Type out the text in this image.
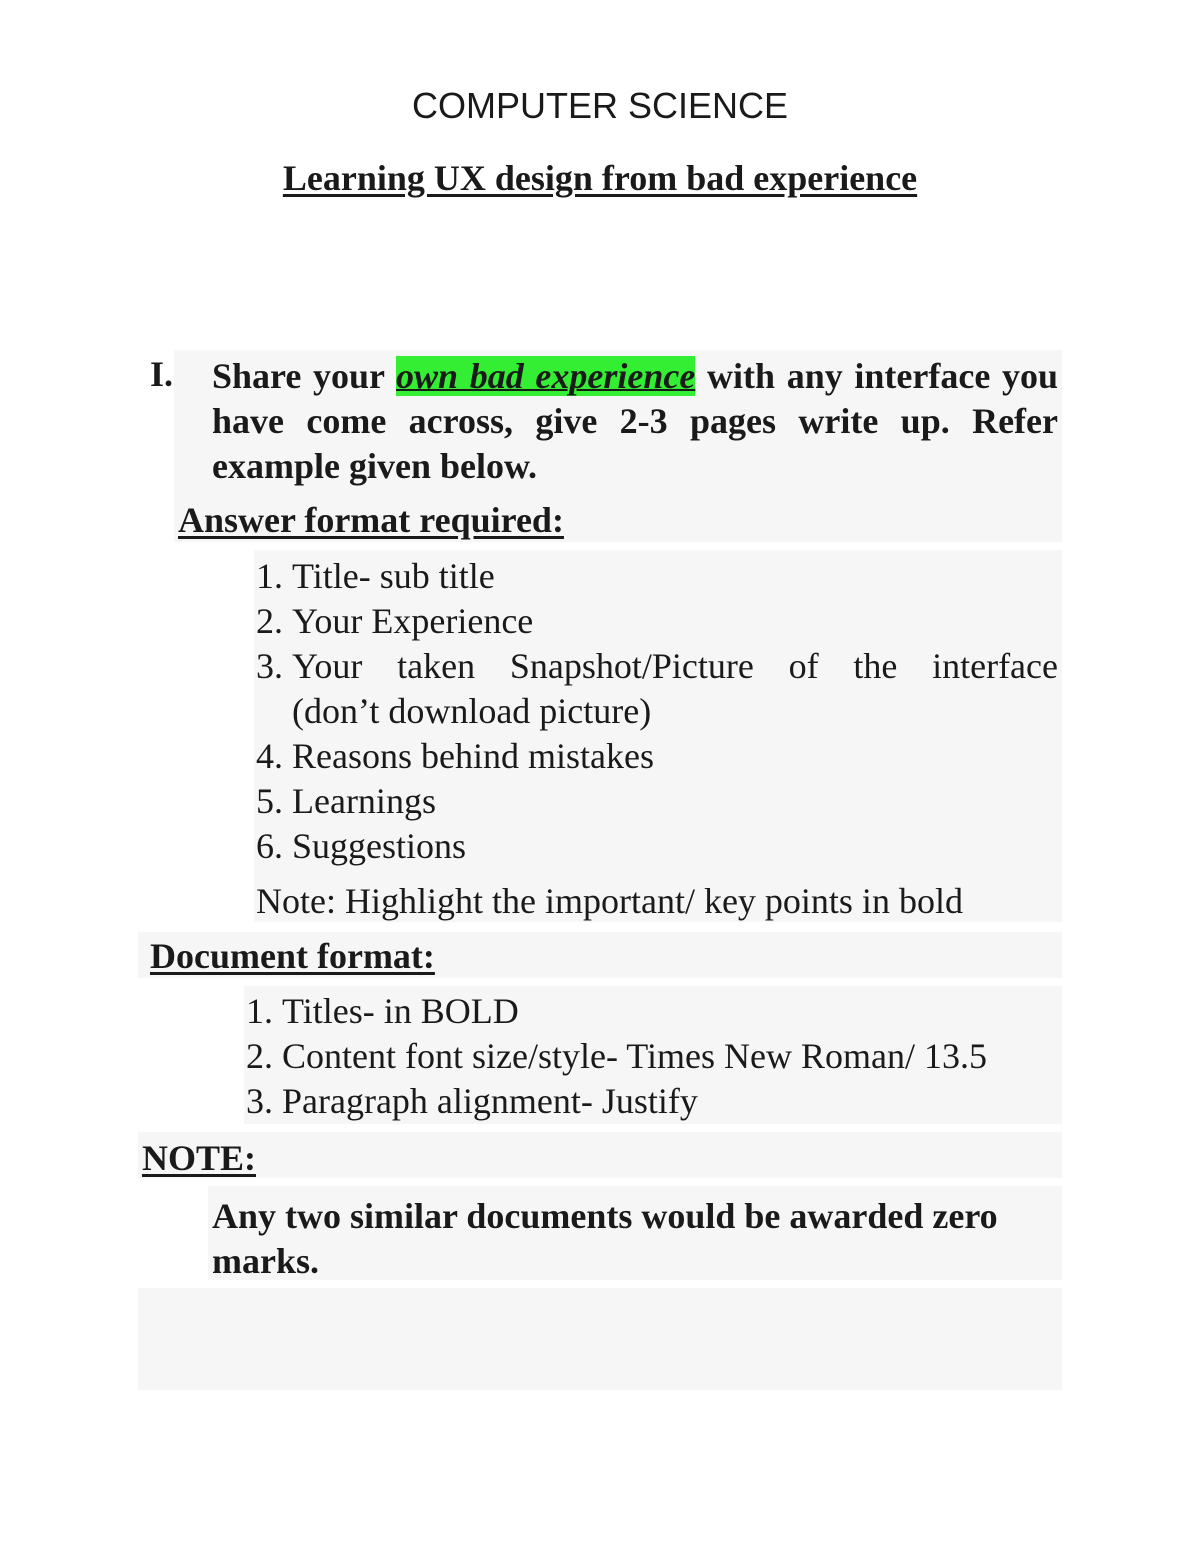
COMPUTER SCIENCE
Learning UX design from bad experience
I. Share your own bad experience with any interface you have come across, give 2-3 pages write up. Refer example given below.
Answer format required:
1. Title- sub title
2. Your Experience
3. Your taken Snapshot/Picture of the interface
(don’t download picture)
4. Reasons behind mistakes
5. Learnings
6. Suggestions
Note: Highlight the important/ key points in bold
Document format:
1. Titles- in BOLD
2. Content font size/style- Times New Roman/ 13.5
3. Paragraph alignment- Justify
NOTE:
Any two similar documents would be awarded zero marks.
